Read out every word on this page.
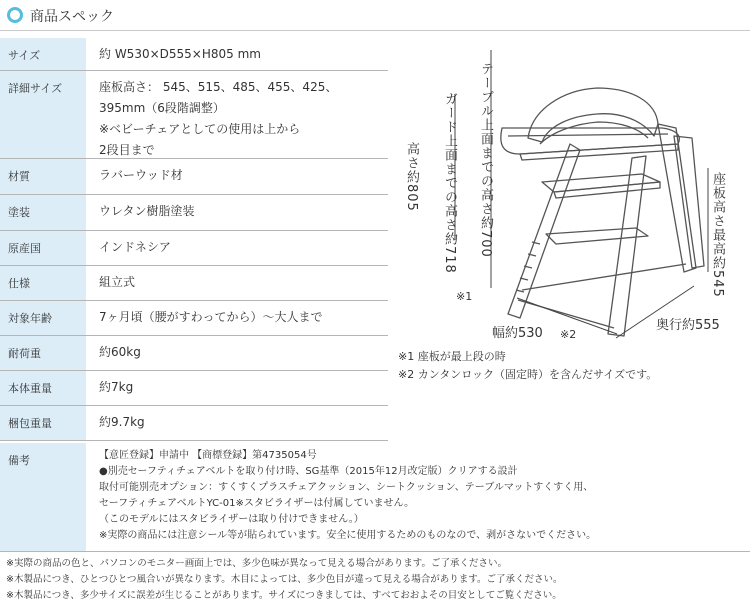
商品スペック
サイズ	約 W530×D555×H805 mm
詳細サイズ	座板高さ： 545、515、485、455、425、
395mm（6段階調整）
※ベビーチェアとしての使用は上から
2段目まで
材質	ラバーウッド材
塗装	ウレタン樹脂塗装
原産国	インドネシア
仕様	組立式
対象年齢	7ヶ月頃（腰がすわってから）～大人まで
耐荷重	約60kg
本体重量	約7kg
梱包重量	約9.7kg
備考	【意匠登録】申請中 【商標登録】第4735054号
●別売セーフティチェアベルトを取り付け時、SG基準（2015年12月改定版）クリアする設計
取付可能別売オプション：すくすくプラスチェアクッション、シートクッション、テーブルマットすくすく用、
セーフティチェアベルトYC-01※スタビライザーは付属していません。
（このモデルにはスタビライザーは取り付けできません。）
※実際の商品には注意シール等が貼られています。安全に使用するためのものなので、剥がさないでください。
高さ約805 ガード上面までの高さ約718
※1
テーブル上面までの高さ約700	座板高さ最高約545
幅約530 ※2
奥行約555
※1 座板が最上段の時
※2 カンタンロック（固定時）を含んだサイズです。
※実際の商品の色と、パソコンのモニター画面上では、多少色味が異なって見える場合があります。ご了承ください。
※木製品につき、ひとつひとつ風合いが異なります。木目によっては、多少色目が違って見える場合があります。ご了承ください。
※木製品につき、多少サイズに誤差が生じることがあります。サイズにつきましては、すべておおよその目安としてご覧ください。
